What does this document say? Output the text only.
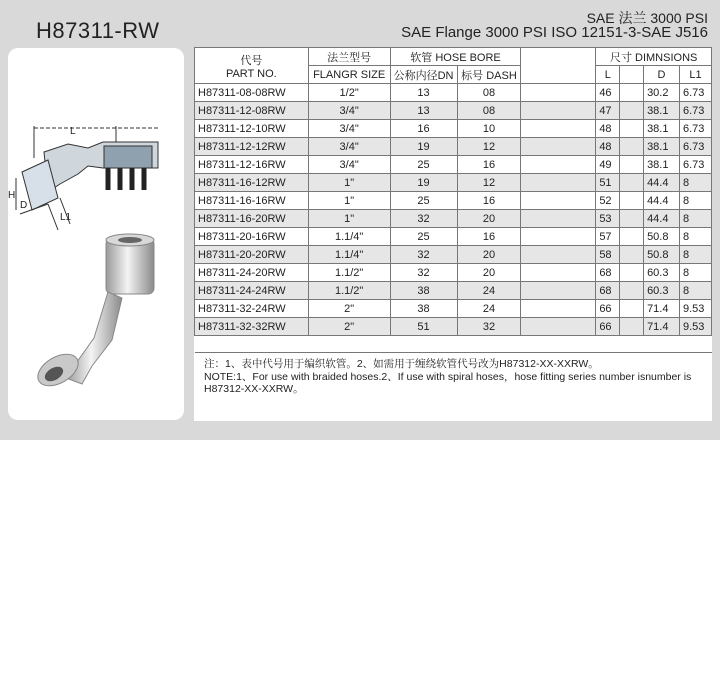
H87311-RW	SAE 法兰 3000 PSI
SAE Flange 3000 PSI ISO 12151-3-SAE J516
L
H
D
L1
代号
PART NO.	法兰型号	软管 HOSE BORE			尺寸 DIMNSIONS			
	FLANGR SIZE	公称内径DN	标号 DASH		L		D	L1
H87311-08-08RW	1/2"	13	08		46		30.2	6.73
H87311-12-08RW	3/4"	13	08		47		38.1	6.73
H87311-12-10RW	3/4"	16	10		48		38.1	6.73
H87311-12-12RW	3/4"	19	12		48		38.1	6.73
H87311-12-16RW	3/4"	25	16		49		38.1	6.73
H87311-16-12RW	1"	19	12		51		44.4	8
H87311-16-16RW	1"	25	16		52		44.4	8
H87311-16-20RW	1"	32	20		53		44.4	8
H87311-20-16RW	1.1/4"	25	16		57		50.8	8
H87311-20-20RW	1.1/4"	32	20		58		50.8	8
H87311-24-20RW	1.1/2"	32	20		68		60.3	8
H87311-24-24RW	1.1/2"	38	24		68		60.3	8
H87311-32-24RW	2"	38	24		66		71.4	9.53
H87311-32-32RW	2"	51	32		66		71.4	9.53

注：1、表中代号用于编织软管。2、如需用于缠绕软管代号改为H87312-XX-XXRW。
NOTE:1、For use with braided hoses.2、If use with spiral hoses，hose fitting series number isnumber is
H87312-XX-XXRW。
